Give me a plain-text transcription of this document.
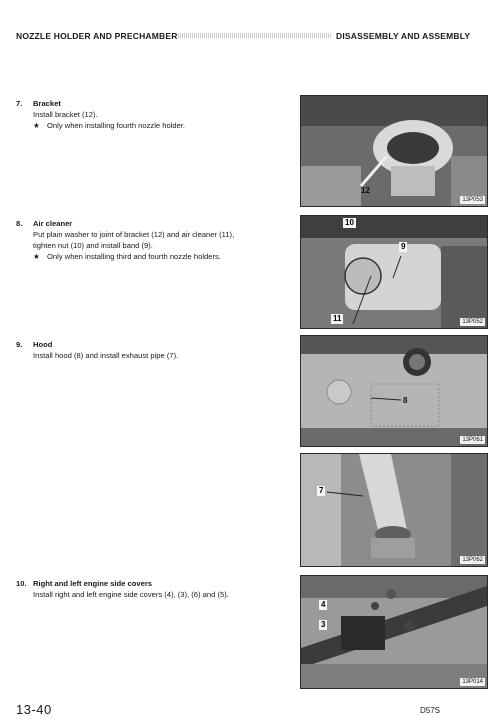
NOZZLE HOLDER AND PRECHAMBER	DISASSEMBLY AND ASSEMBLY
7. Bracket
Install bracket (12).
★ Only when installing fourth nozzle holder.
8. Air cleaner
Put plain washer to joint of bracket (12) and air cleaner (11),
tighten nut (10) and install band (9).
★ Only when installing third and fourth nozzle holders.
9. Hood
Install hood (8) and install exhaust pipe (7).
10. Right and left engine side covers
Install right and left engine side covers (4), (3), (6) and (5).
12
13P053
10
9
11	13P052
8
13P061
7
13P062
4
3
13P014
13-40	D57S
